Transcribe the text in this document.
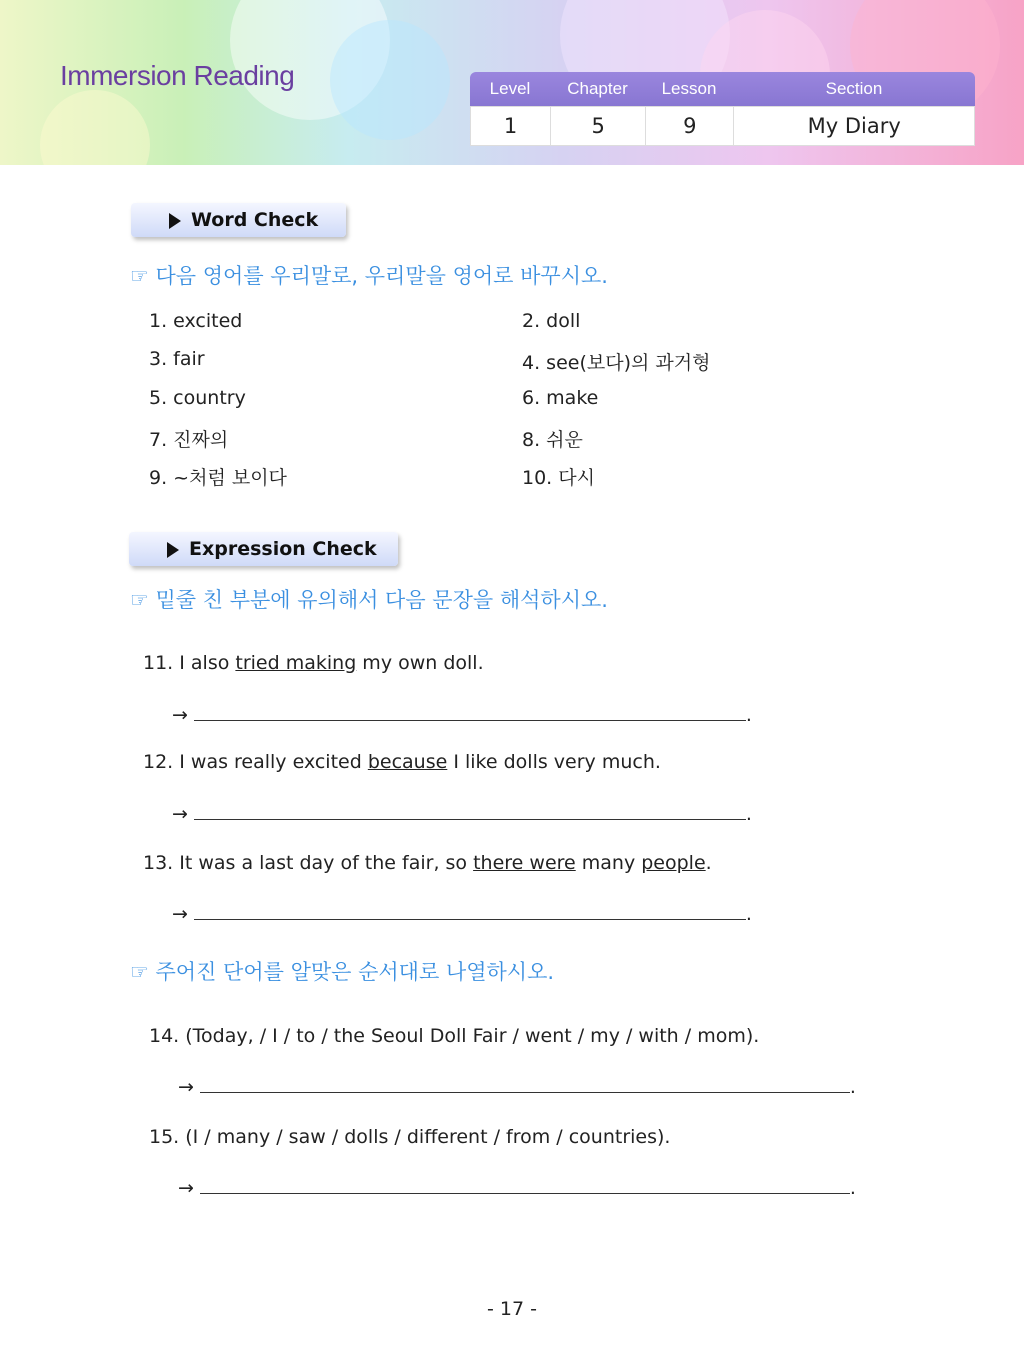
Immersion Reading	Level	Chapter	Lesson	Section
1	5	9	My Diary
Word Check
☞ 다음 영어를 우리말로, 우리말을 영어로 바꾸시오.
1. excited	2. doll
3. fair	4. see(보다)의 과거형
5. country	6. make
7. 진짜의	8. 쉬운
9. ~처럼 보이다	10. 다시
Expression Check
☞ 밑줄 친 부분에 유의해서 다음 문장을 해석하시오.
11. I also tried making my own doll.
→	.
12. I was really excited because I like dolls very much.
→	.
13. It was a last day of the fair, so there were many people.
→	.
☞ 주어진 단어를 알맞은 순서대로 나열하시오.
14. (Today, / I / to / the Seoul Doll Fair / went / my / with / mom).
→	.
15. (I / many / saw / dolls / different / from / countries).
→	.
- 17 -
